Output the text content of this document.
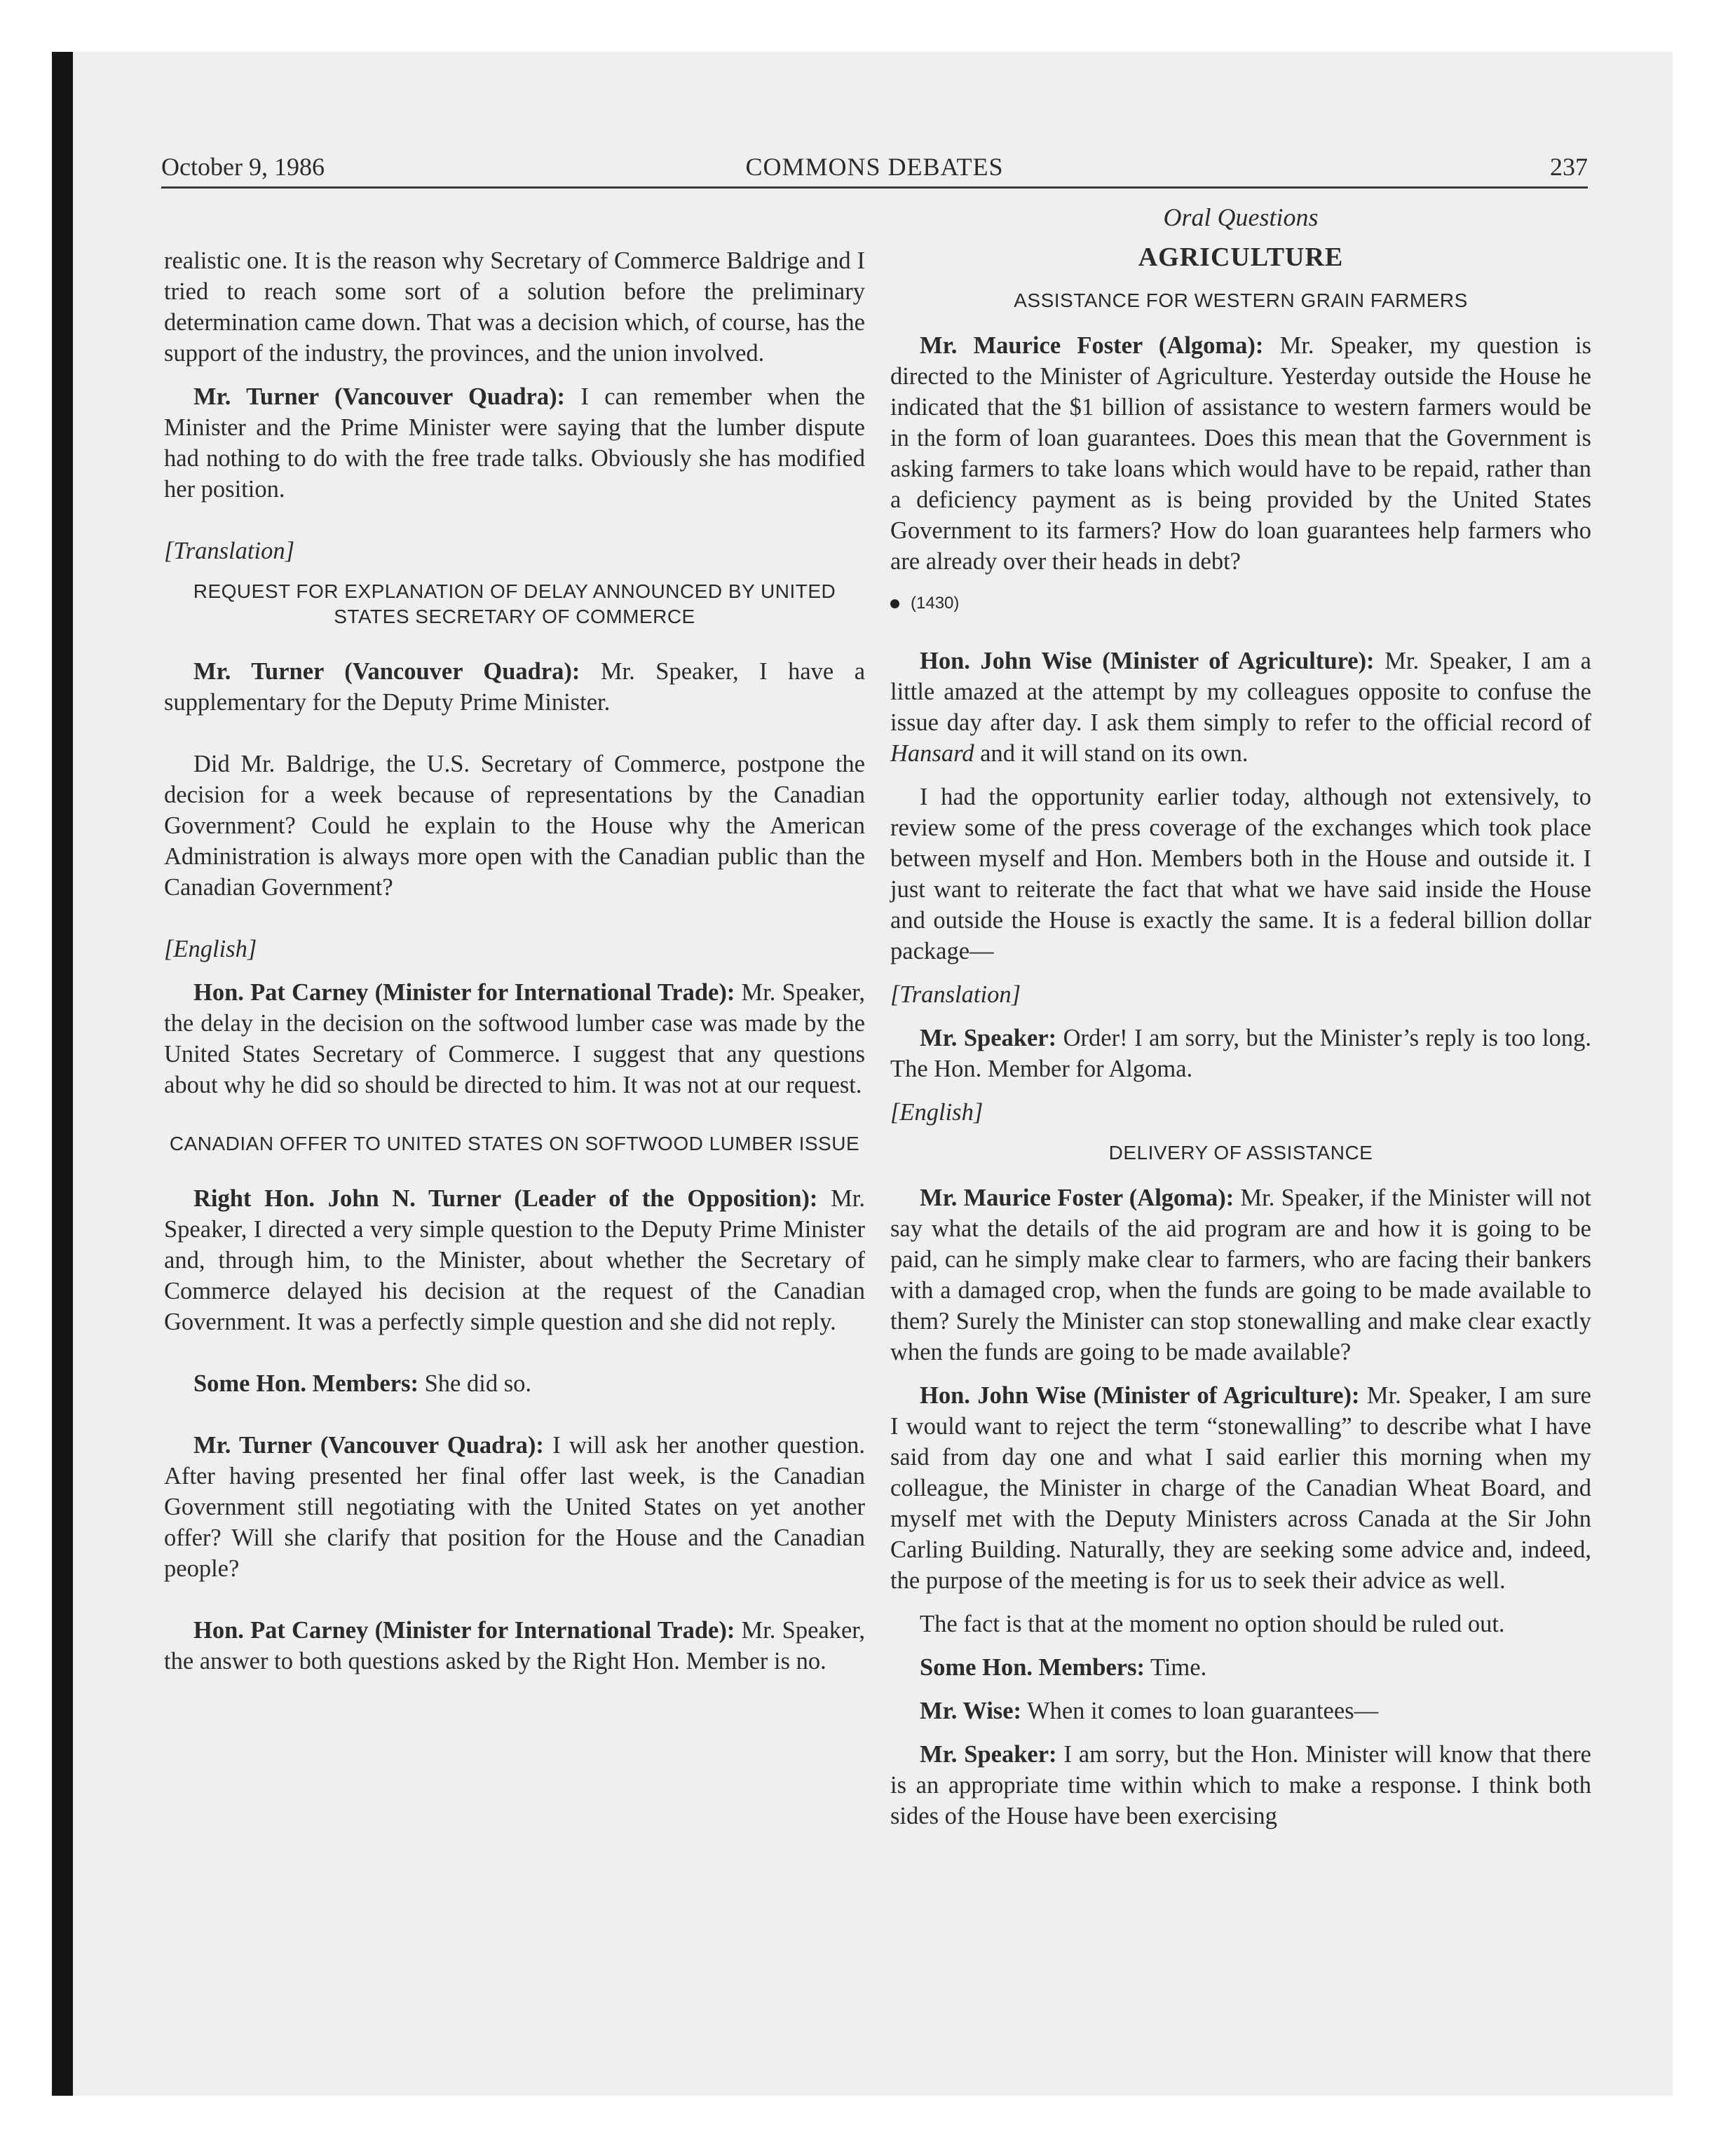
October 9, 1986	COMMONS DEBATES	237

realistic one. It is the reason why Secretary of Commerce Baldrige and I tried to reach some sort of a solution before the preliminary determination came down. That was a decision which, of course, has the support of the industry, the provinces, and the union involved.

Mr. Turner (Vancouver Quadra): I can remember when the Minister and the Prime Minister were saying that the lumber dispute had nothing to do with the free trade talks. Obviously she has modified her position.

[Translation]

REQUEST FOR EXPLANATION OF DELAY ANNOUNCED BY UNITED STATES SECRETARY OF COMMERCE

Mr. Turner (Vancouver Quadra): Mr. Speaker, I have a supplementary for the Deputy Prime Minister.

Did Mr. Baldrige, the U.S. Secretary of Commerce, postpone the decision for a week because of representations by the Canadian Government? Could he explain to the House why the American Administration is always more open with the Canadian public than the Canadian Government?

[English]

Hon. Pat Carney (Minister for International Trade): Mr. Speaker, the delay in the decision on the softwood lumber case was made by the United States Secretary of Commerce. I suggest that any questions about why he did so should be directed to him. It was not at our request.

CANADIAN OFFER TO UNITED STATES ON SOFTWOOD LUMBER ISSUE

Right Hon. John N. Turner (Leader of the Opposition): Mr. Speaker, I directed a very simple question to the Deputy Prime Minister and, through him, to the Minister, about whether the Secretary of Commerce delayed his decision at the request of the Canadian Government. It was a perfectly simple question and she did not reply.

Some Hon. Members: She did so.

Mr. Turner (Vancouver Quadra): I will ask her another question. After having presented her final offer last week, is the Canadian Government still negotiating with the United States on yet another offer? Will she clarify that position for the House and the Canadian people?

Hon. Pat Carney (Minister for International Trade): Mr. Speaker, the answer to both questions asked by the Right Hon. Member is no.

Oral Questions
AGRICULTURE
ASSISTANCE FOR WESTERN GRAIN FARMERS

Mr. Maurice Foster (Algoma): Mr. Speaker, my question is directed to the Minister of Agriculture. Yesterday outside the House he indicated that the $1 billion of assistance to western farmers would be in the form of loan guarantees. Does this mean that the Government is asking farmers to take loans which would have to be repaid, rather than a deficiency payment as is being provided by the United States Government to its farmers? How do loan guarantees help farmers who are already over their heads in debt?

(1430)

Hon. John Wise (Minister of Agriculture): Mr. Speaker, I am a little amazed at the attempt by my colleagues opposite to confuse the issue day after day. I ask them simply to refer to the official record of Hansard and it will stand on its own.

I had the opportunity earlier today, although not extensively, to review some of the press coverage of the exchanges which took place between myself and Hon. Members both in the House and outside it. I just want to reiterate the fact that what we have said inside the House and outside the House is exactly the same. It is a federal billion dollar package—

[Translation]

Mr. Speaker: Order! I am sorry, but the Minister’s reply is too long. The Hon. Member for Algoma.

[English]

DELIVERY OF ASSISTANCE

Mr. Maurice Foster (Algoma): Mr. Speaker, if the Minister will not say what the details of the aid program are and how it is going to be paid, can he simply make clear to farmers, who are facing their bankers with a damaged crop, when the funds are going to be made available to them? Surely the Minister can stop stonewalling and make clear exactly when the funds are going to be made available?

Hon. John Wise (Minister of Agriculture): Mr. Speaker, I am sure I would want to reject the term “stonewalling” to describe what I have said from day one and what I said earlier this morning when my colleague, the Minister in charge of the Canadian Wheat Board, and myself met with the Deputy Ministers across Canada at the Sir John Carling Building. Naturally, they are seeking some advice and, indeed, the purpose of the meeting is for us to seek their advice as well.

The fact is that at the moment no option should be ruled out.

Some Hon. Members: Time.

Mr. Wise: When it comes to loan guarantees—

Mr. Speaker: I am sorry, but the Hon. Minister will know that there is an appropriate time within which to make a response. I think both sides of the House have been exercising
